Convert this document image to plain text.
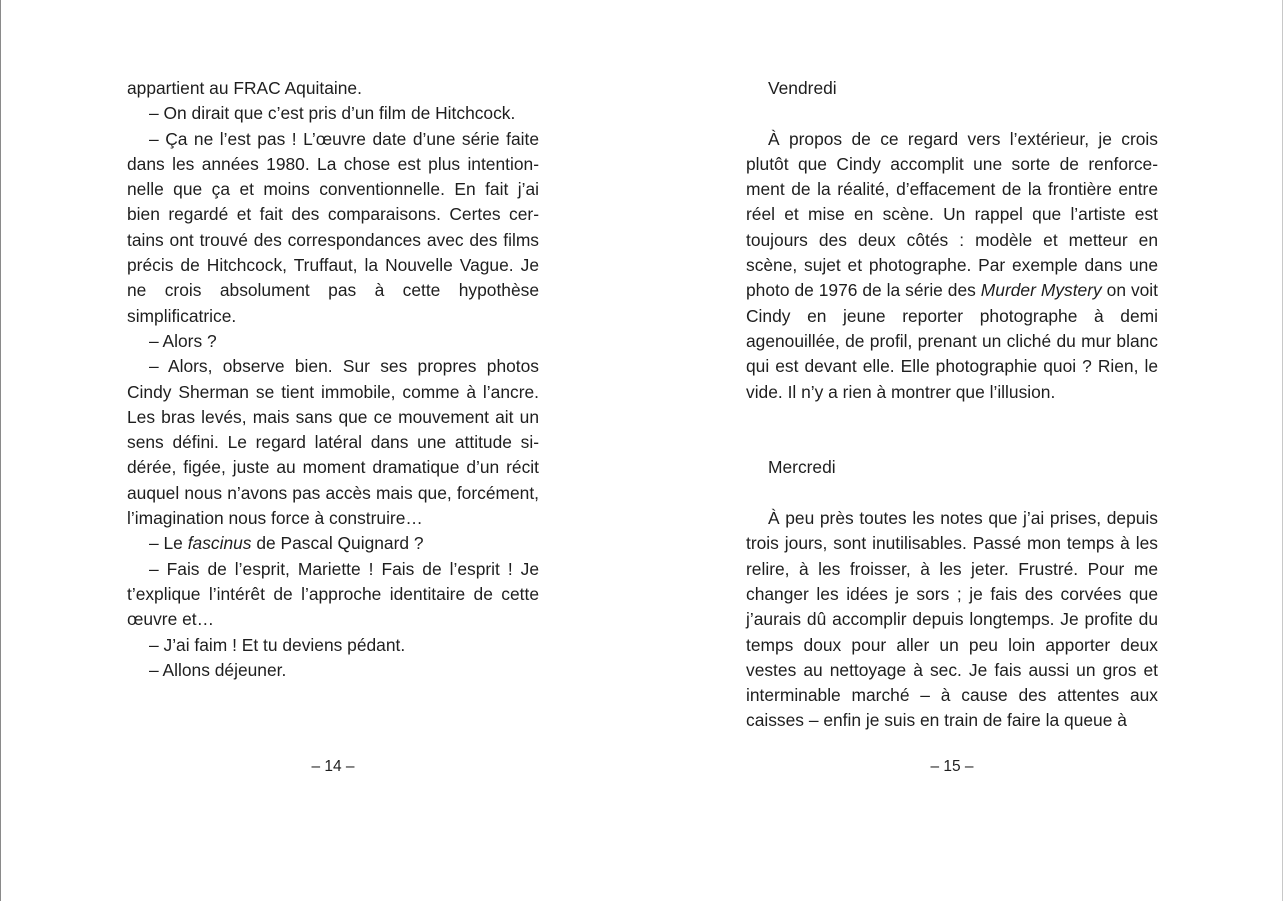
appartient au FRAC Aquitaine.

– On dirait que c’est pris d’un film de Hitchcock.

– Ça ne l’est pas ! L’œuvre date d’une série faite dans les années 1980. La chose est plus intentionnelle que ça et moins conventionnelle. En fait j’ai bien regardé et fait des comparaisons. Certes certains ont trouvé des correspondances avec des films précis de Hitchcock, Truffaut, la Nouvelle Vague. Je ne crois absolument pas à cette hypothèse simplificatrice.

– Alors ?

– Alors, observe bien. Sur ses propres photos Cindy Sherman se tient immobile, comme à l’ancre. Les bras levés, mais sans que ce mouvement ait un sens défini. Le regard latéral dans une attitude sidérée, figée, juste au moment dramatique d’un récit auquel nous n’avons pas accès mais que, forcément, l’imagination nous force à construire…

– Le fascinus de Pascal Quignard ?

– Fais de l’esprit, Mariette ! Fais de l’esprit ! Je t’explique l’intérêt de l’approche identitaire de cette œuvre et…

– J’ai faim ! Et tu deviens pédant.

– Allons déjeuner.

– 14 –

Vendredi

À propos de ce regard vers l’extérieur, je crois plutôt que Cindy accomplit une sorte de renforcement de la réalité, d’effacement de la frontière entre réel et mise en scène. Un rappel que l’artiste est toujours des deux côtés : modèle et metteur en scène, sujet et photographe. Par exemple dans une photo de 1976 de la série des Murder Mystery on voit Cindy en jeune reporter photographe à demi agenouillée, de profil, prenant un cliché du mur blanc qui est devant elle. Elle photographie quoi ? Rien, le vide. Il n’y a rien à montrer que l’illusion.

Mercredi

À peu près toutes les notes que j’ai prises, depuis trois jours, sont inutilisables. Passé mon temps à les relire, à les froisser, à les jeter. Frustré. Pour me changer les idées je sors ; je fais des corvées que j’aurais dû accomplir depuis longtemps. Je profite du temps doux pour aller un peu loin apporter deux vestes au nettoyage à sec. Je fais aussi un gros et interminable marché – à cause des attentes aux caisses – enfin je suis en train de faire la queue à

– 15 –
